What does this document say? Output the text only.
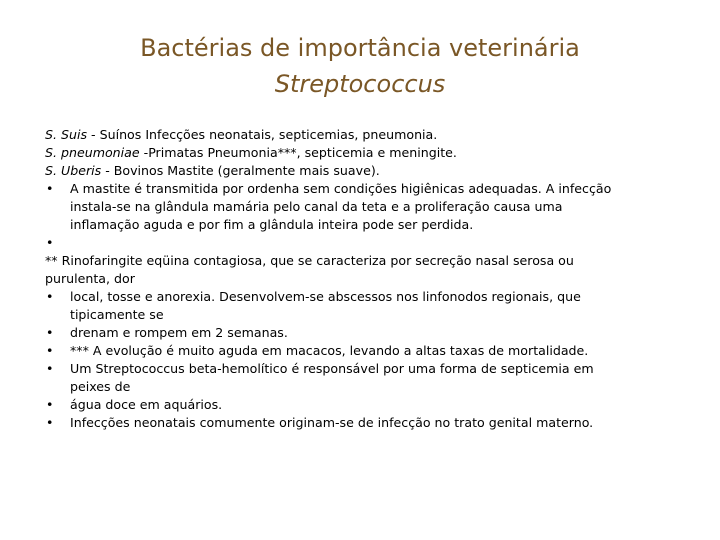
Bactérias de importância veterinária
Streptococcus
S. Suis - Suínos Infecções neonatais, septicemias, pneumonia.
S. pneumoniae -Primatas Pneumonia***, septicemia e meningite.
S. Uberis - Bovinos Mastite (geralmente mais suave).
• A mastite é transmitida por ordenha sem condições higiênicas adequadas. A infecção
instala-se na glândula mamária pelo canal da teta e a proliferação causa uma
inflamação aguda e por fim a glândula inteira pode ser perdida.
•

** Rinofaringite eqüina contagiosa, que se caracteriza por secreção nasal serosa ou
purulenta, dor
• local, tosse e anorexia. Desenvolvem-se abscessos nos linfonodos regionais, que
tipicamente se
• drenam e rompem em 2 semanas.
• *** A evolução é muito aguda em macacos, levando a altas taxas de mortalidade.
• Um Streptococcus beta-hemolítico é responsável por uma forma de septicemia em
peixes de
• água doce em aquários.
• Infecções neonatais comumente originam-se de infecção no trato genital materno.
